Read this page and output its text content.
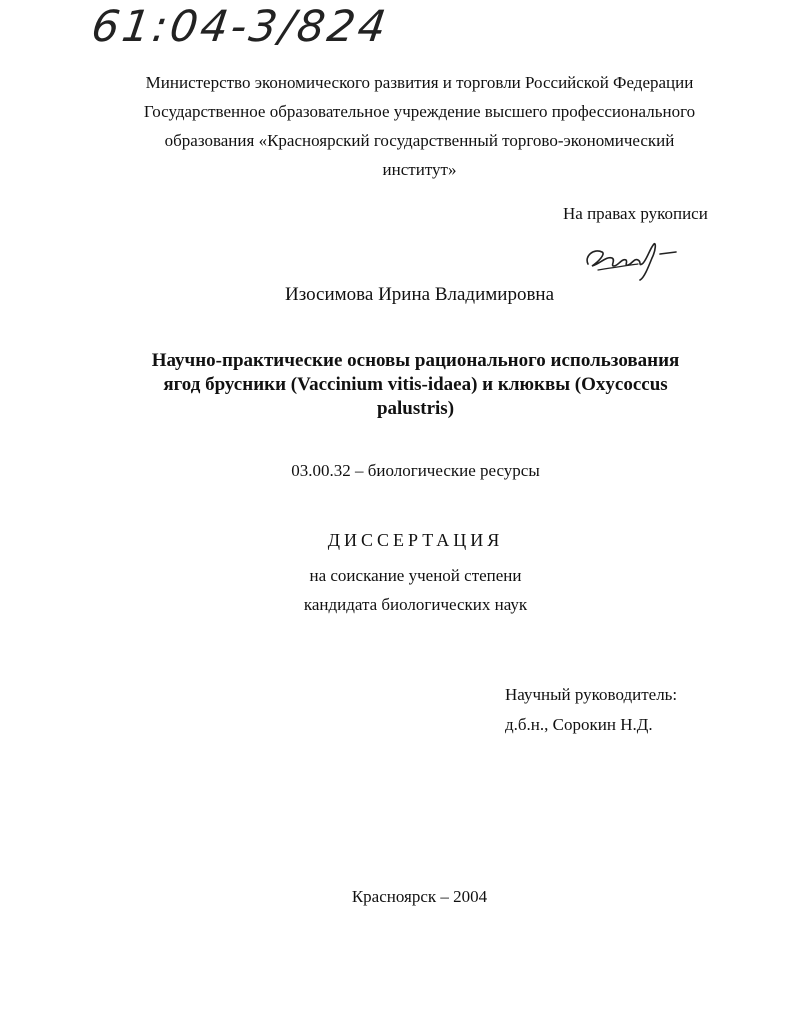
61:04-3/824
Министерство экономического развития и торговли Российской Федерации
Государственное образовательное учреждение высшего профессионального
образования «Красноярский государственный торгово-экономический
институт»
На правах рукописи
Изосимова Ирина Владимировна
Научно-практические основы рационального использования
ягод брусники (Vaccinium vitis-idaea) и клюквы (Oxycoccus
palustris)
03.00.32 – биологические ресурсы
ДИССЕРТАЦИЯ
на соискание ученой степени
кандидата биологических наук
Научный руководитель:
д.б.н., Сорокин Н.Д.
Красноярск – 2004
